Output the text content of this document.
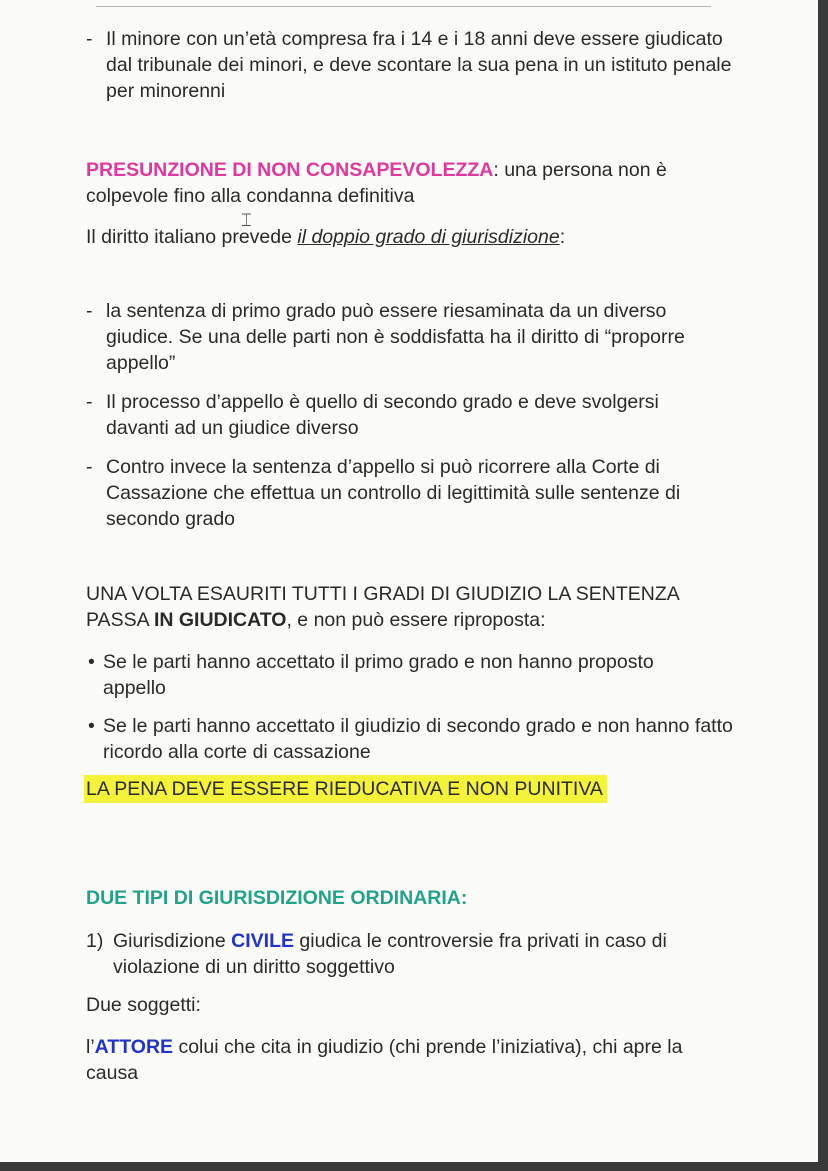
- Il minore con un’età compresa fra i 14 e i 18 anni deve essere giudicato dal tribunale dei minori, e deve scontare la sua pena in un istituto penale per minorenni
PRESUNZIONE DI NON CONSAPEVOLEZZA: una persona non è colpevole fino alla condanna definitiva
Il diritto italiano prevede il doppio grado di giurisdizione:
⌶
- la sentenza di primo grado può essere riesaminata da un diverso giudice. Se una delle parti non è soddisfatta ha il diritto di “proporre appello”
- Il processo d’appello è quello di secondo grado e deve svolgersi davanti ad un giudice diverso
- Contro invece la sentenza d’appello si può ricorrere alla Corte di Cassazione che effettua un controllo di legittimità sulle sentenze di secondo grado
UNA VOLTA ESAURITI TUTTI I GRADI DI GIUDIZIO LA SENTENZA
PASSA IN GIUDICATO, e non può essere riproposta:
• Se le parti hanno accettato il primo grado e non hanno proposto appello
• Se le parti hanno accettato il giudizio di secondo grado e non hanno fatto ricordo alla corte di cassazione
LA PENA DEVE ESSERE RIEDUCATIVA E NON PUNITIVA
DUE TIPI DI GIURISDIZIONE ORDINARIA:
1) Giurisdizione CIVILE giudica le controversie fra privati in caso di violazione di un diritto soggettivo
Due soggetti:
l’ATTORE colui che cita in giudizio (chi prende l’iniziativa), chi apre la causa
